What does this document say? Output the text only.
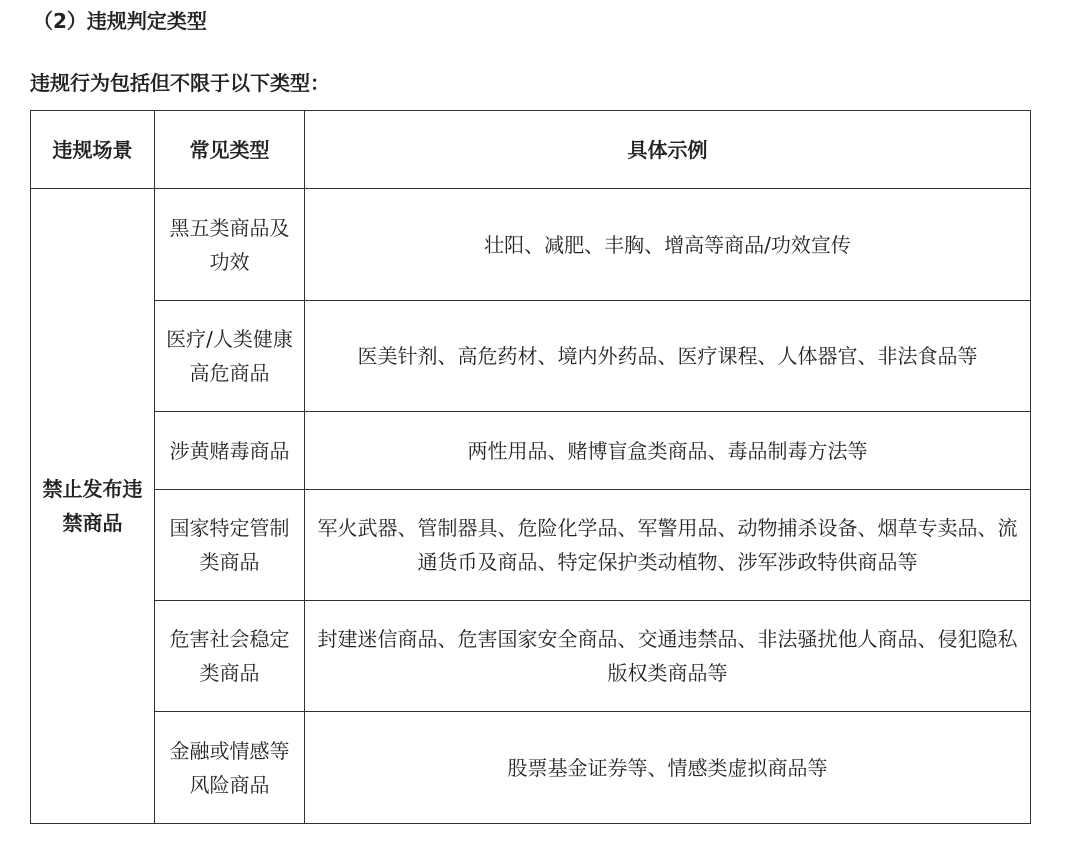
（2）违规判定类型
违规行为包括但不限于以下类型：
违规场景	常见类型	具体示例
禁止发布违禁商品	黑五类商品及功效	壮阳、减肥、丰胸、增高等商品/功效宣传
	医疗/人类健康高危商品	医美针剂、高危药材、境内外药品、医疗课程、人体器官、非法食品等
	涉黄赌毒商品	两性用品、赌博盲盒类商品、毒品制毒方法等
	国家特定管制类商品	军火武器、管制器具、危险化学品、军警用品、动物捕杀设备、烟草专卖品、流通货币及商品、特定保护类动植物、涉军涉政特供商品等
	危害社会稳定类商品	封建迷信商品、危害国家安全商品、交通违禁品、非法骚扰他人商品、侵犯隐私版权类商品等
	金融或情感等风险商品	股票基金证券等、情感类虚拟商品等
